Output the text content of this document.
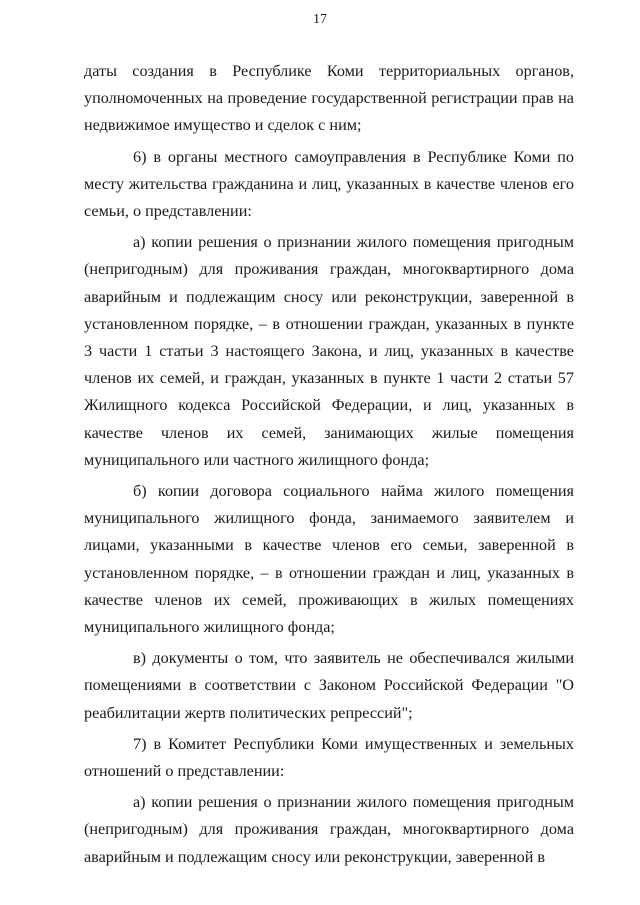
17

даты создания в Республике Коми территориальных органов, уполномоченных на проведение государственной регистрации прав на недвижимое имущество и сделок с ним;

6) в органы местного самоуправления в Республике Коми по месту жительства гражданина и лиц, указанных в качестве членов его семьи, о представлении:

а) копии решения о признании жилого помещения пригодным (непригодным) для проживания граждан, многоквартирного дома аварийным и подлежащим сносу или реконструкции, заверенной в установленном порядке, – в отношении граждан, указанных в пункте 3 части 1 статьи 3 настоящего Закона, и лиц, указанных в качестве членов их семей, и граждан, указанных в пункте 1 части 2 статьи 57 Жилищного кодекса Российской Федерации, и лиц, указанных в качестве членов их семей, занимающих жилые помещения муниципального или частного жилищного фонда;

б) копии договора социального найма жилого помещения муниципального жилищного фонда, занимаемого заявителем и лицами, указанными в качестве членов его семьи, заверенной в установленном порядке, – в отношении граждан и лиц, указанных в качестве членов их семей, проживающих в жилых помещениях муниципального жилищного фонда;

в) документы о том, что заявитель не обеспечивался жилыми помещениями в соответствии с Законом Российской Федерации "О реабилитации жертв политических репрессий";

7) в Комитет Республики Коми имущественных и земельных отношений о представлении:

а) копии решения о признании жилого помещения пригодным (непригодным) для проживания граждан, многоквартирного дома аварийным и подлежащим сносу или реконструкции, заверенной в
